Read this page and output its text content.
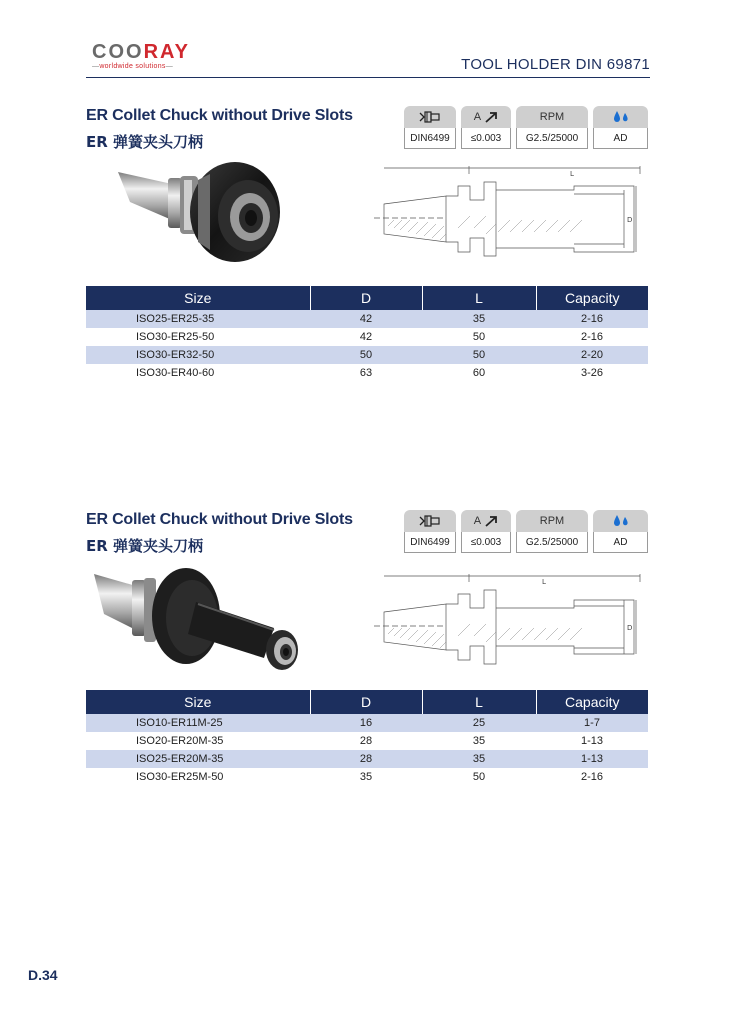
COORAY
—worldwide solutions—	TOOL HOLDER DIN 69871
ER Collet Chuck without Drive Slots
ER 弹簧夹头刀柄	DIN6499
A

≤0.003
RPM
G2.5/25000	AD
L
D
Size	D	L	Capacity
ISO25-ER25-35	42	35	2-16
ISO30-ER25-50	42	50	2-16
ISO30-ER32-50	50	50	2-20
ISO30-ER40-60	63	60	3-26
ER Collet Chuck without Drive Slots
ER 弹簧夹头刀柄	DIN6499
A

≤0.003
RPM
G2.5/25000	AD
L
D
Size	D	L	Capacity
ISO10-ER11M-25	16	25	1-7
ISO20-ER20M-35	28	35	1-13
ISO25-ER20M-35	28	35	1-13
ISO30-ER25M-50	35	50	2-16
D.34
